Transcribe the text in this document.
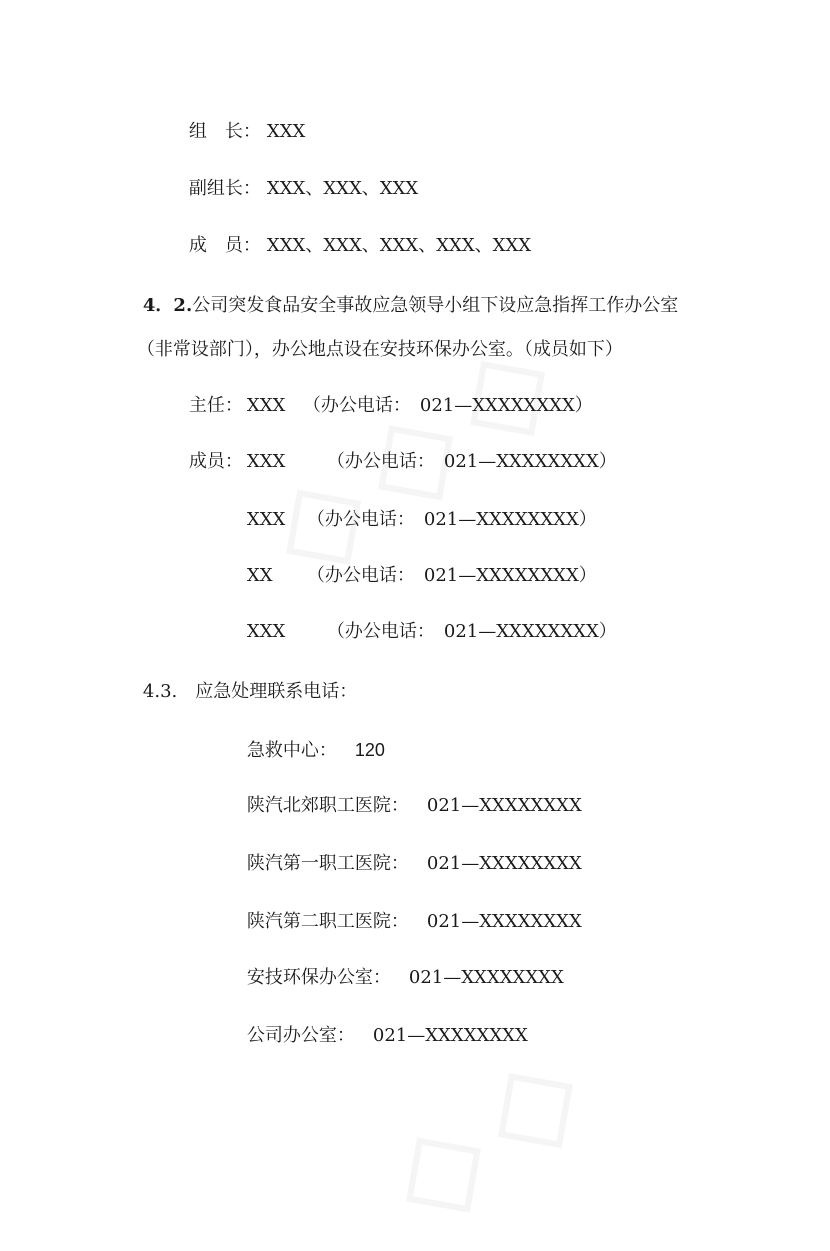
组　长： XXX

副组长： XXX、XXX、XXX

成　员： XXX、XXX、XXX、XXX、XXX

4．2.公司突发食品安全事故应急领导小组下设应急指挥工作办公室

（非常设部门），办公地点设在安技环保办公室。（成员如下）

主任： XXX （办公电话：　021—XXXXXXXX）

成员： XXX （办公电话：　021—XXXXXXXX）

XXX （办公电话：　021—XXXXXXXX）

XX （办公电话：　021—XXXXXXXX）

XXX （办公电话：　021—XXXXXXXX）

4.3.　应急处理联系电话：

急救中心： 120

陕汽北郊职工医院： 021—XXXXXXXX

陕汽第一职工医院： 021—XXXXXXXX

陕汽第二职工医院： 021—XXXXXXXX

安技环保办公室： 021—XXXXXXXX

公司办公室： 021—XXXXXXXX
